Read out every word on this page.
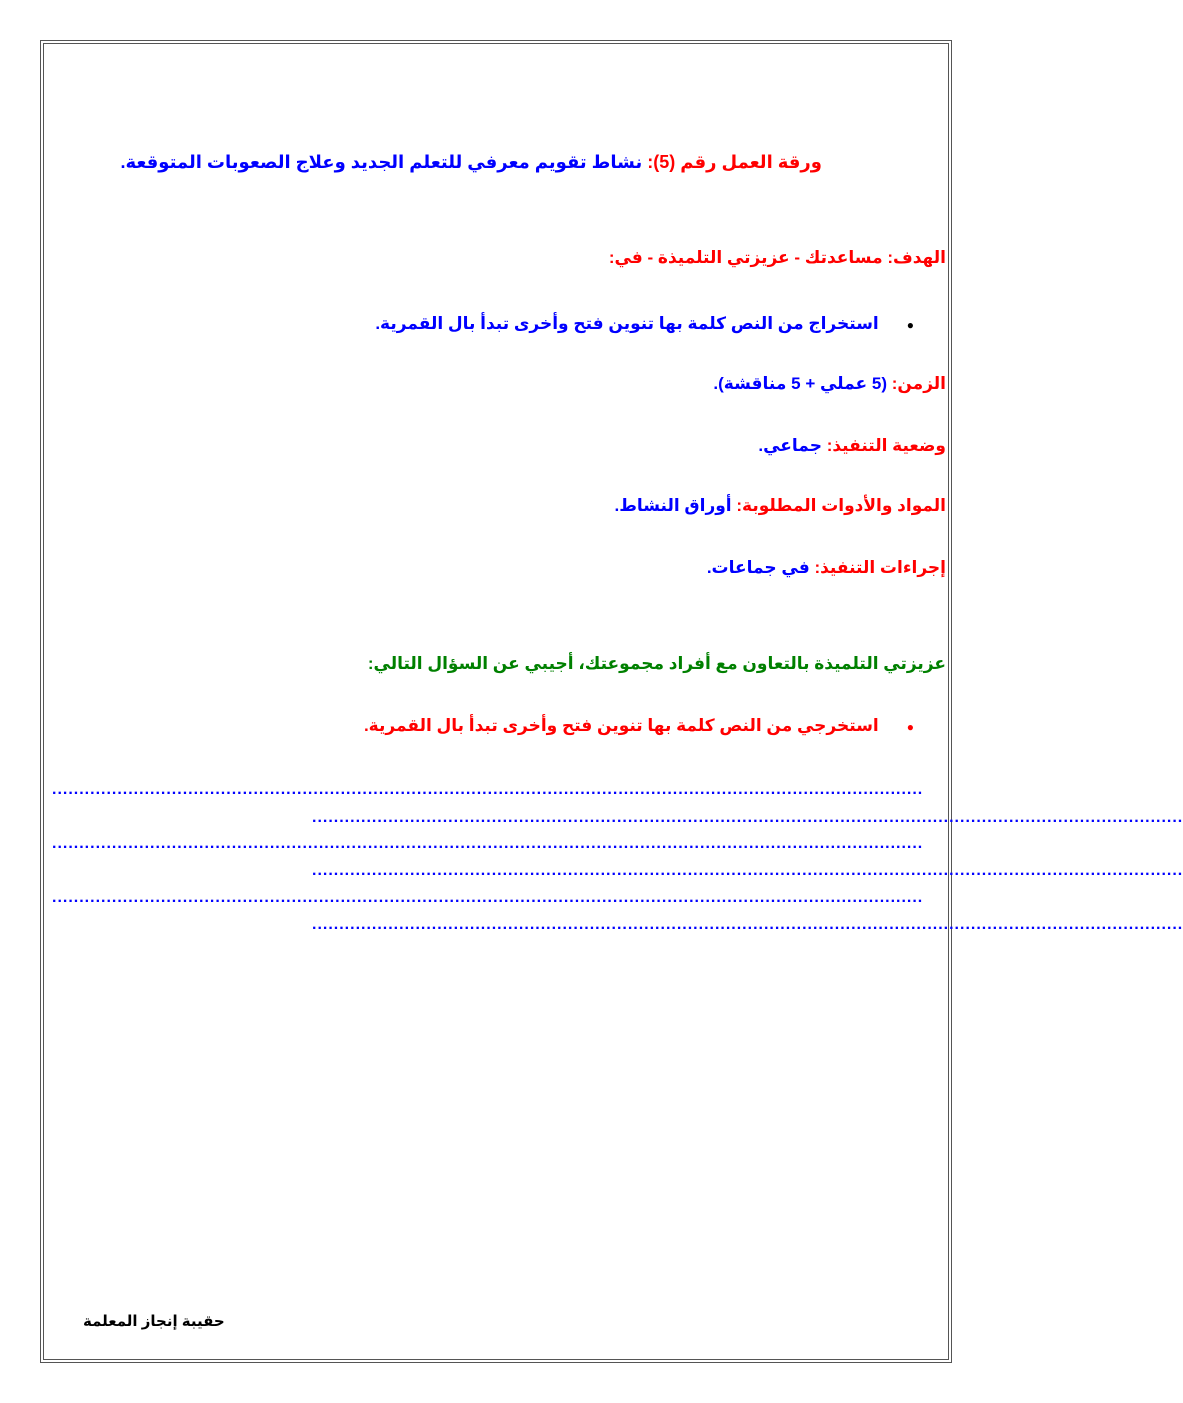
ورقة العمل رقم (5): نشاط تقويم معرفي للتعلم الجديد وعلاج الصعوبات المتوقعة.
الهدف: مساعدتك - عزيزتي التلميذة - في:
●استخراج من النص كلمة بها تنوين فتح وأخرى تبدأ بال القمرية.
الزمن: (5 عملي + 5 مناقشة).
وضعية التنفيذ: جماعي.
المواد والأدوات المطلوبة: أوراق النشاط.
إجراءات التنفيذ: في جماعات.
عزيزتي التلميذة بالتعاون مع أفراد مجموعتك، أجيبي عن السؤال التالي:
●استخرجي من النص كلمة بها تنوين فتح وأخرى تبدأ بال القمرية.
................................................................................................................................................................
................................................................................................................................................................
................................................................................................................................................................
................................................................................................................................................................
................................................................................................................................................................
................................................................................................................................................................
حقيبة إنجاز المعلمة
